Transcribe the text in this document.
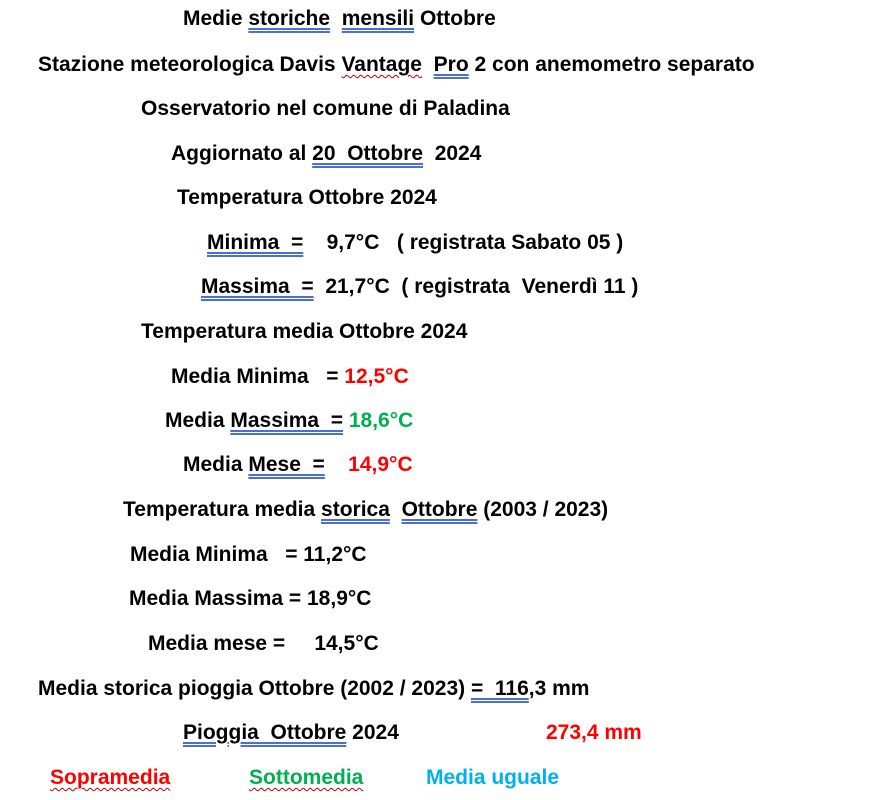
Medie storiche mensili Ottobre
Stazione meteorologica Davis Vantage Pro 2 con anemometro separato
Osservatorio nel comune di Paladina
Aggiornato al 20  Ottobre  2024
Temperatura Ottobre 2024
Minima  =    9,7°C   ( registrata Sabato 05 )
Massima  =  21,7°C  ( registrata  Venerdì 11 )
Temperatura media Ottobre 2024
Media Minima   = 12,5°C
Media Massima  = 18,6°C
Media Mese  = 14,9°C
Temperatura media storica Ottobre (2003 / 2023)
Media Minima   = 11,2°C
Media Massima = 18,9°C
Media mese =     14,5°C
Media storica pioggia Ottobre (2002 / 2023) =  116,3 mm
Pioggia  Ottobre 2024	273,4 mm
Sopramedia	Sottomedia	Media uguale
